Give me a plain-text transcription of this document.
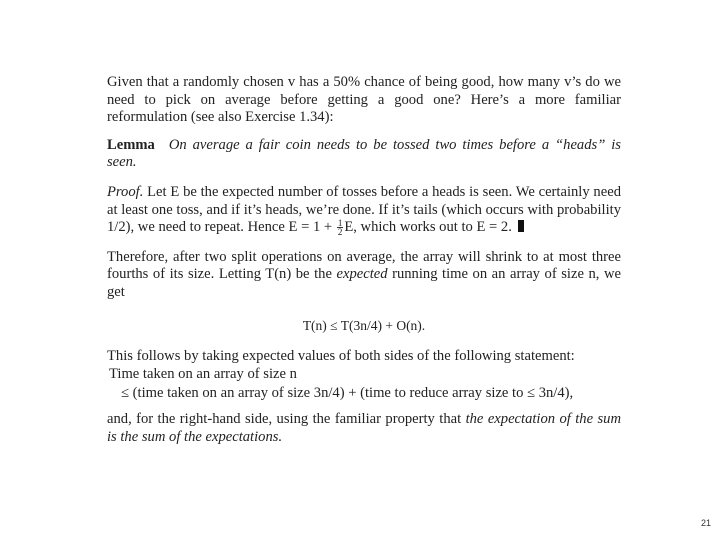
Given that a randomly chosen v has a 50% chance of being good, how many v’s do we need to pick on average before getting a good one? Here’s a more familiar reformulation (see also Exercise 1.34):

Lemma On average a fair coin needs to be tossed two times before a “heads” is seen.

Proof. Let E be the expected number of tosses before a heads is seen. We certainly need at least one toss, and if it’s heads, we’re done. If it’s tails (which occurs with probability 1/2), we need to repeat. Hence $E = 1 + \frac{1}{2} E$, which works out to E = 2.

Therefore, after two split operations on average, the array will shrink to at most three fourths of its size. Letting T(n) be the expected running time on an array of size n, we get

T(n) ≤ T(3n/4) + O(n).

This follows by taking expected values of both sides of the following statement:

Time taken on an array of size n
≤ (time taken on an array of size 3n/4) + (time to reduce array size to ≤ 3n/4),

and, for the right-hand side, using the familiar property that the expectation of the sum is the sum of the expectations.

21
